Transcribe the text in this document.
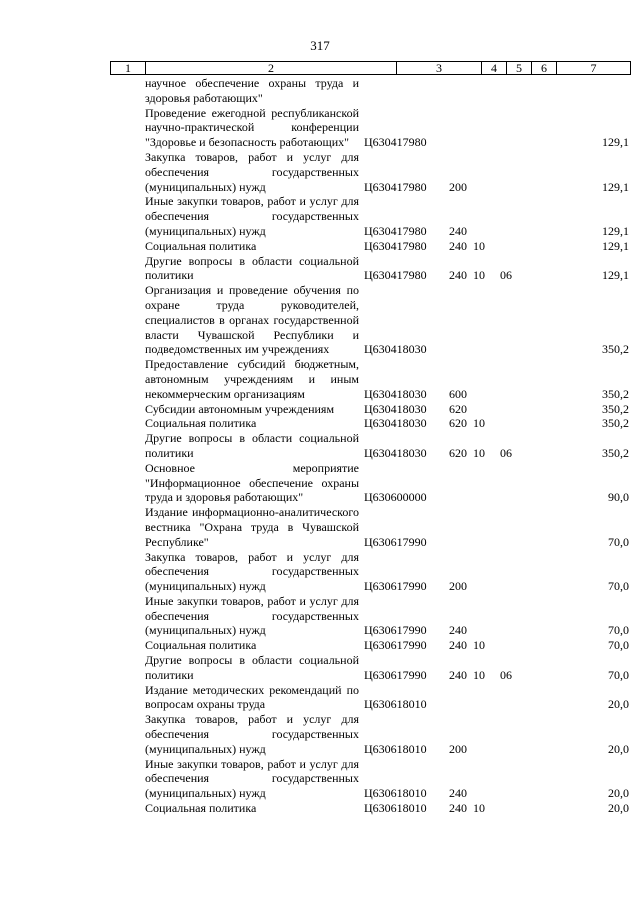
317
1	2	3	4	5	6	7
научное обеспечение охраны труда и здоровья работающих"					
Проведение ежегодной республиканской научно-практической конференции "Здоровье и безопасность работающих"	Ц630417980				129,1
Закупка товаров, работ и услуг для обеспечения государственных (муниципальных) нужд	Ц630417980	200			129,1
Иные закупки товаров, работ и услуг для обеспечения государственных (муниципальных) нужд	Ц630417980	240			129,1
Социальная политика	Ц630417980	240	10		129,1
Другие вопросы в области социальной политики	Ц630417980	240	10	06	129,1
Организация и проведение обучения по охране труда руководителей, специалистов в органах государственной власти Чувашской Республики и подведомственных им учреждениях	Ц630418030				350,2
Предоставление субсидий бюджетным, автономным учреждениям и иным некоммерческим организациям	Ц630418030	600			350,2
Субсидии автономным учреждениям	Ц630418030	620			350,2
Социальная политика	Ц630418030	620	10		350,2
Другие вопросы в области социальной политики	Ц630418030	620	10	06	350,2
Основное мероприятие "Информационное обеспечение охраны труда и здоровья работающих"	Ц630600000				90,0
Издание информационно-аналитического вестника "Охрана труда в Чувашской Республике"	Ц630617990				70,0
Закупка товаров, работ и услуг для обеспечения государственных (муниципальных) нужд	Ц630617990	200			70,0
Иные закупки товаров, работ и услуг для обеспечения государственных (муниципальных) нужд	Ц630617990	240			70,0
Социальная политика	Ц630617990	240	10		70,0
Другие вопросы в области социальной политики	Ц630617990	240	10	06	70,0
Издание методических рекомендаций по вопросам охраны труда	Ц630618010				20,0
Закупка товаров, работ и услуг для обеспечения государственных (муниципальных) нужд	Ц630618010	200			20,0
Иные закупки товаров, работ и услуг для обеспечения государственных (муниципальных) нужд	Ц630618010	240			20,0
Социальная политика	Ц630618010	240	10		20,0
